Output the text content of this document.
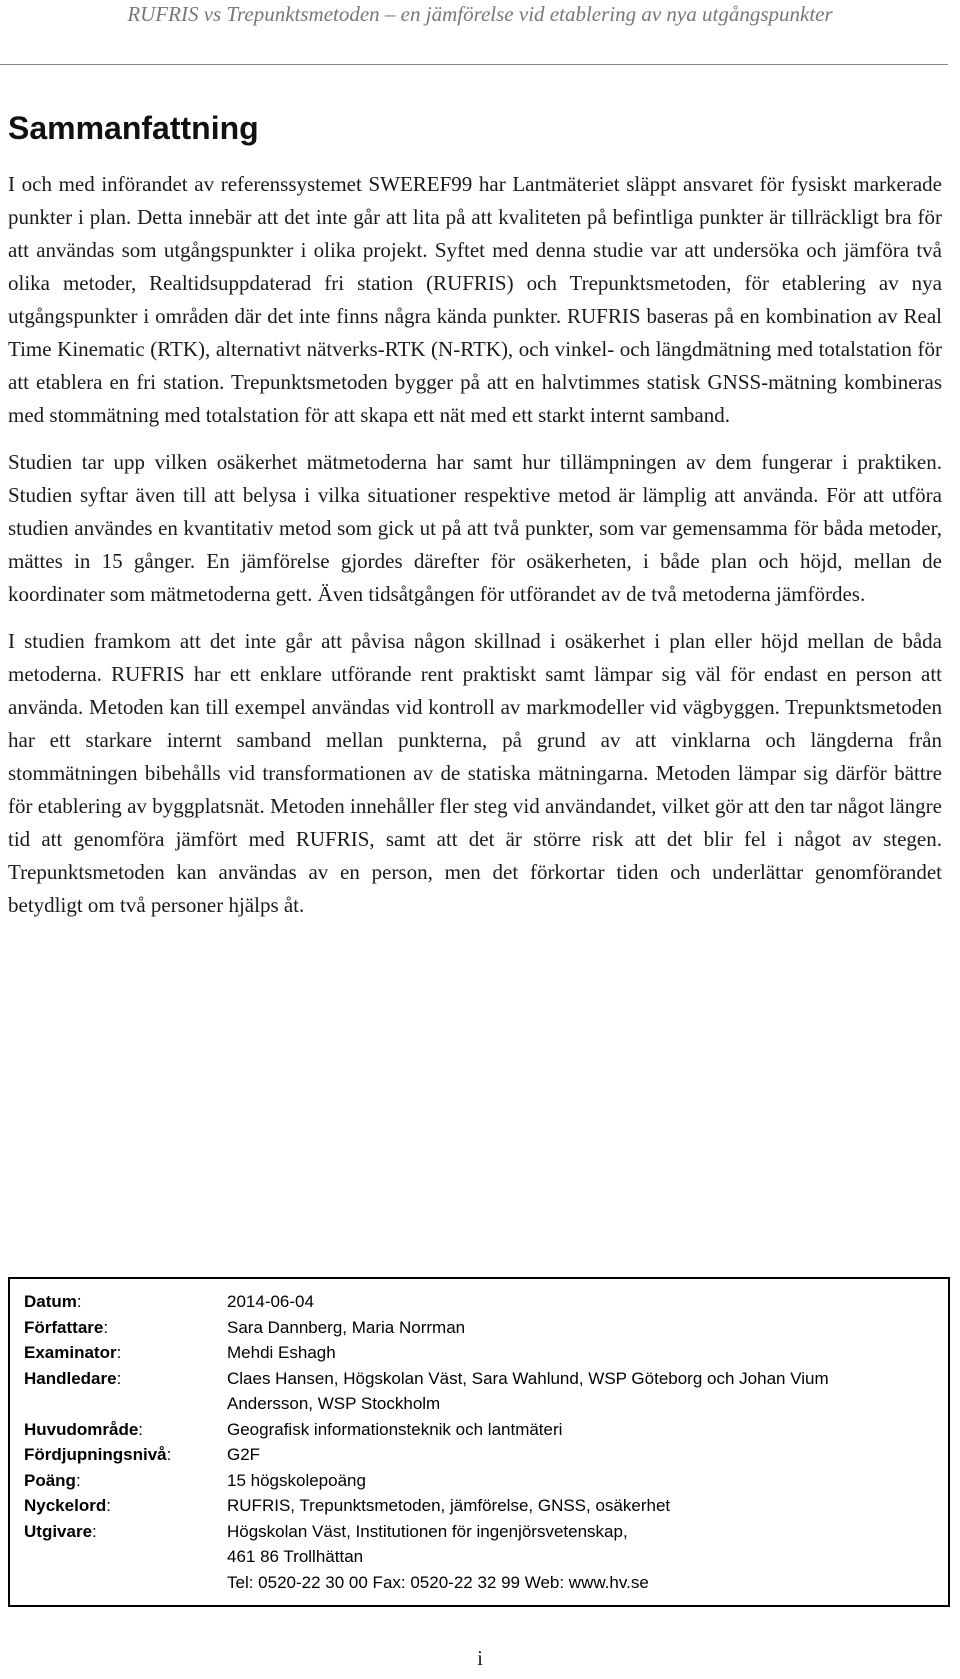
RUFRIS vs Trepunktsmetoden – en jämförelse vid etablering av nya utgångspunkter
Sammanfattning

I och med införandet av referenssystemet SWEREF99 har Lantmäteriet släppt ansvaret för fysiskt markerade punkter i plan. Detta innebär att det inte går att lita på att kvaliteten på befintliga punkter är tillräckligt bra för att användas som utgångspunkter i olika projekt. Syftet med denna studie var att undersöka och jämföra två olika metoder, Realtidsuppdaterad fri station (RUFRIS) och Trepunktsmetoden, för etablering av nya utgångspunkter i områden där det inte finns några kända punkter. RUFRIS baseras på en kombination av Real Time Kinematic (RTK), alternativt nätverks-RTK (N-RTK), och vinkel- och längdmätning med totalstation för att etablera en fri station. Trepunktsmetoden bygger på att en halvtimmes statisk GNSS-mätning kombineras med stommätning med totalstation för att skapa ett nät med ett starkt internt samband.

Studien tar upp vilken osäkerhet mätmetoderna har samt hur tillämpningen av dem fungerar i praktiken. Studien syftar även till att belysa i vilka situationer respektive metod är lämplig att använda. För att utföra studien användes en kvantitativ metod som gick ut på att två punkter, som var gemensamma för båda metoder, mättes in 15 gånger. En jämförelse gjordes därefter för osäkerheten, i både plan och höjd, mellan de koordinater som mätmetoderna gett. Även tidsåtgången för utförandet av de två metoderna jämfördes.

I studien framkom att det inte går att påvisa någon skillnad i osäkerhet i plan eller höjd mellan de båda metoderna. RUFRIS har ett enklare utförande rent praktiskt samt lämpar sig väl för endast en person att använda. Metoden kan till exempel användas vid kontroll av markmodeller vid vägbyggen. Trepunktsmetoden har ett starkare internt samband mellan punkterna, på grund av att vinklarna och längderna från stommätningen bibehålls vid transformationen av de statiska mätningarna. Metoden lämpar sig därför bättre för etablering av byggplatsnät. Metoden innehåller fler steg vid användandet, vilket gör att den tar något längre tid att genomföra jämfört med RUFRIS, samt att det är större risk att det blir fel i något av stegen. Trepunktsmetoden kan användas av en person, men det förkortar tiden och underlättar genomförandet betydligt om två personer hjälps åt.

Datum:	2014-06-04
Författare:	Sara Dannberg, Maria Norrman
Examinator:	Mehdi Eshagh
Handledare:	Claes Hansen, Högskolan Väst, Sara Wahlund, WSP Göteborg och Johan Vium
Andersson, WSP Stockholm
Huvudområde:	Geografisk informationsteknik och lantmäteri
Fördjupningsnivå:	G2F
Poäng:	15 högskolepoäng
Nyckelord:	RUFRIS, Trepunktsmetoden, jämförelse, GNSS, osäkerhet
Utgivare:	Högskolan Väst, Institutionen för ingenjörsvetenskap,
461 86 Trollhättan
Tel: 0520-22 30 00 Fax: 0520-22 32 99 Web: www.hv.se
i
